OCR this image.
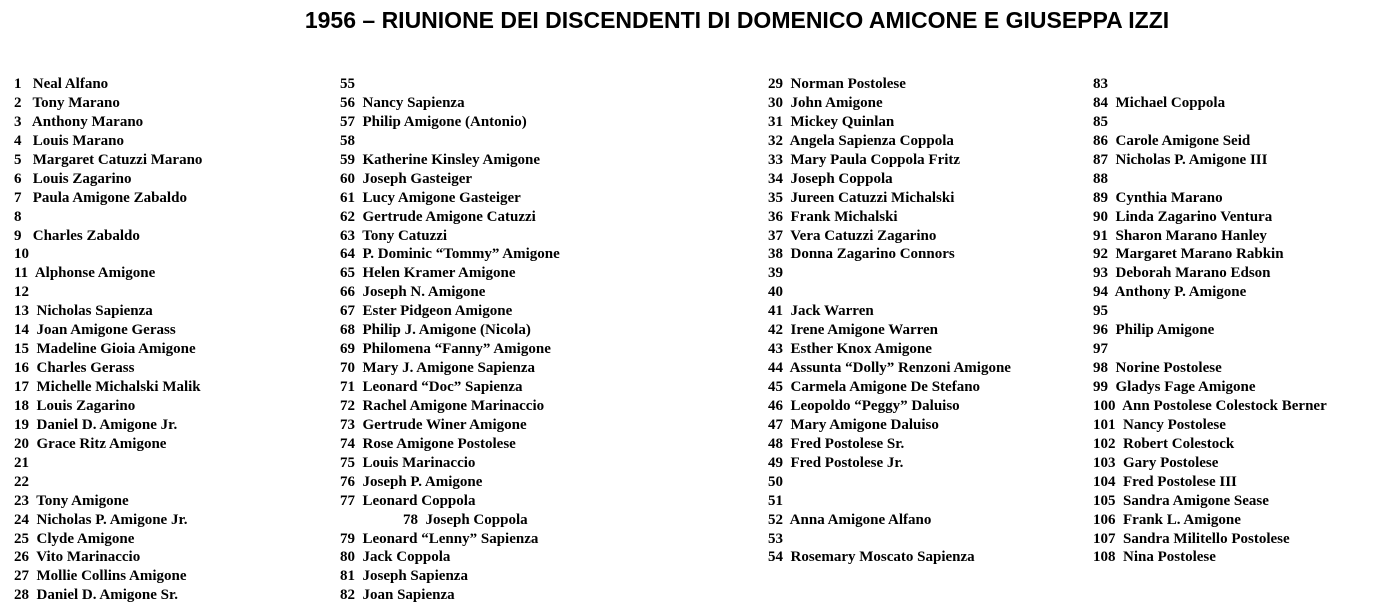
1956 – RIUNIONE DEI DISCENDENTI DI DOMENICO AMICONE E GIUSEPPA IZZI
1   Neal Alfano
2   Tony Marano
3   Anthony Marano
4   Louis Marano
5   Margaret Catuzzi Marano
6   Louis Zagarino
7   Paula Amigone Zabaldo
8
9   Charles Zabaldo
10
11  Alphonse Amigone
12
13  Nicholas Sapienza
14  Joan Amigone Gerass
15  Madeline Gioia Amigone
16  Charles Gerass
17  Michelle Michalski Malik
18  Louis Zagarino
19  Daniel D. Amigone Jr.
20  Grace Ritz Amigone
21
22
23  Tony Amigone
24  Nicholas P. Amigone Jr.
25  Clyde Amigone
26  Vito Marinaccio
27  Mollie Collins Amigone
28  Daniel D. Amigone Sr.
55
56  Nancy Sapienza
57  Philip Amigone (Antonio)
58
59  Katherine Kinsley Amigone
60  Joseph Gasteiger
61  Lucy Amigone Gasteiger
62  Gertrude Amigone Catuzzi
63  Tony Catuzzi
64  P. Dominic “Tommy” Amigone
65  Helen Kramer Amigone
66  Joseph N. Amigone
67  Ester Pidgeon Amigone
68  Philip J. Amigone (Nicola)
69  Philomena “Fanny” Amigone
70  Mary J. Amigone Sapienza
71  Leonard “Doc” Sapienza
72  Rachel Amigone Marinaccio
73  Gertrude Winer Amigone
74  Rose Amigone Postolese
75  Louis Marinaccio
76  Joseph P. Amigone
77  Leonard Coppola
78  Joseph Coppola
79  Leonard “Lenny” Sapienza
80  Jack Coppola
81  Joseph Sapienza
82  Joan Sapienza
29  Norman Postolese
30  John Amigone
31  Mickey Quinlan
32  Angela Sapienza Coppola
33  Mary Paula Coppola Fritz
34  Joseph Coppola
35  Jureen Catuzzi Michalski
36  Frank Michalski
37  Vera Catuzzi Zagarino
38  Donna Zagarino Connors
39
40
41  Jack Warren
42  Irene Amigone Warren
43  Esther Knox Amigone
44  Assunta “Dolly” Renzoni Amigone
45  Carmela Amigone De Stefano
46  Leopoldo “Peggy” Daluiso
47  Mary Amigone Daluiso
48  Fred Postolese Sr.
49  Fred Postolese Jr.
50
51
52  Anna Amigone Alfano
53
54  Rosemary Moscato Sapienza
83
84  Michael Coppola
85
86  Carole Amigone Seid
87  Nicholas P. Amigone III
88
89  Cynthia Marano
90  Linda Zagarino Ventura
91  Sharon Marano Hanley
92  Margaret Marano Rabkin
93  Deborah Marano Edson
94  Anthony P. Amigone
95
96  Philip Amigone
97
98  Norine Postolese
99  Gladys Fage Amigone
100  Ann Postolese Colestock Berner
101  Nancy Postolese
102  Robert Colestock
103  Gary Postolese
104  Fred Postolese III
105  Sandra Amigone Sease
106  Frank L. Amigone
107  Sandra Militello Postolese
108  Nina Postolese
